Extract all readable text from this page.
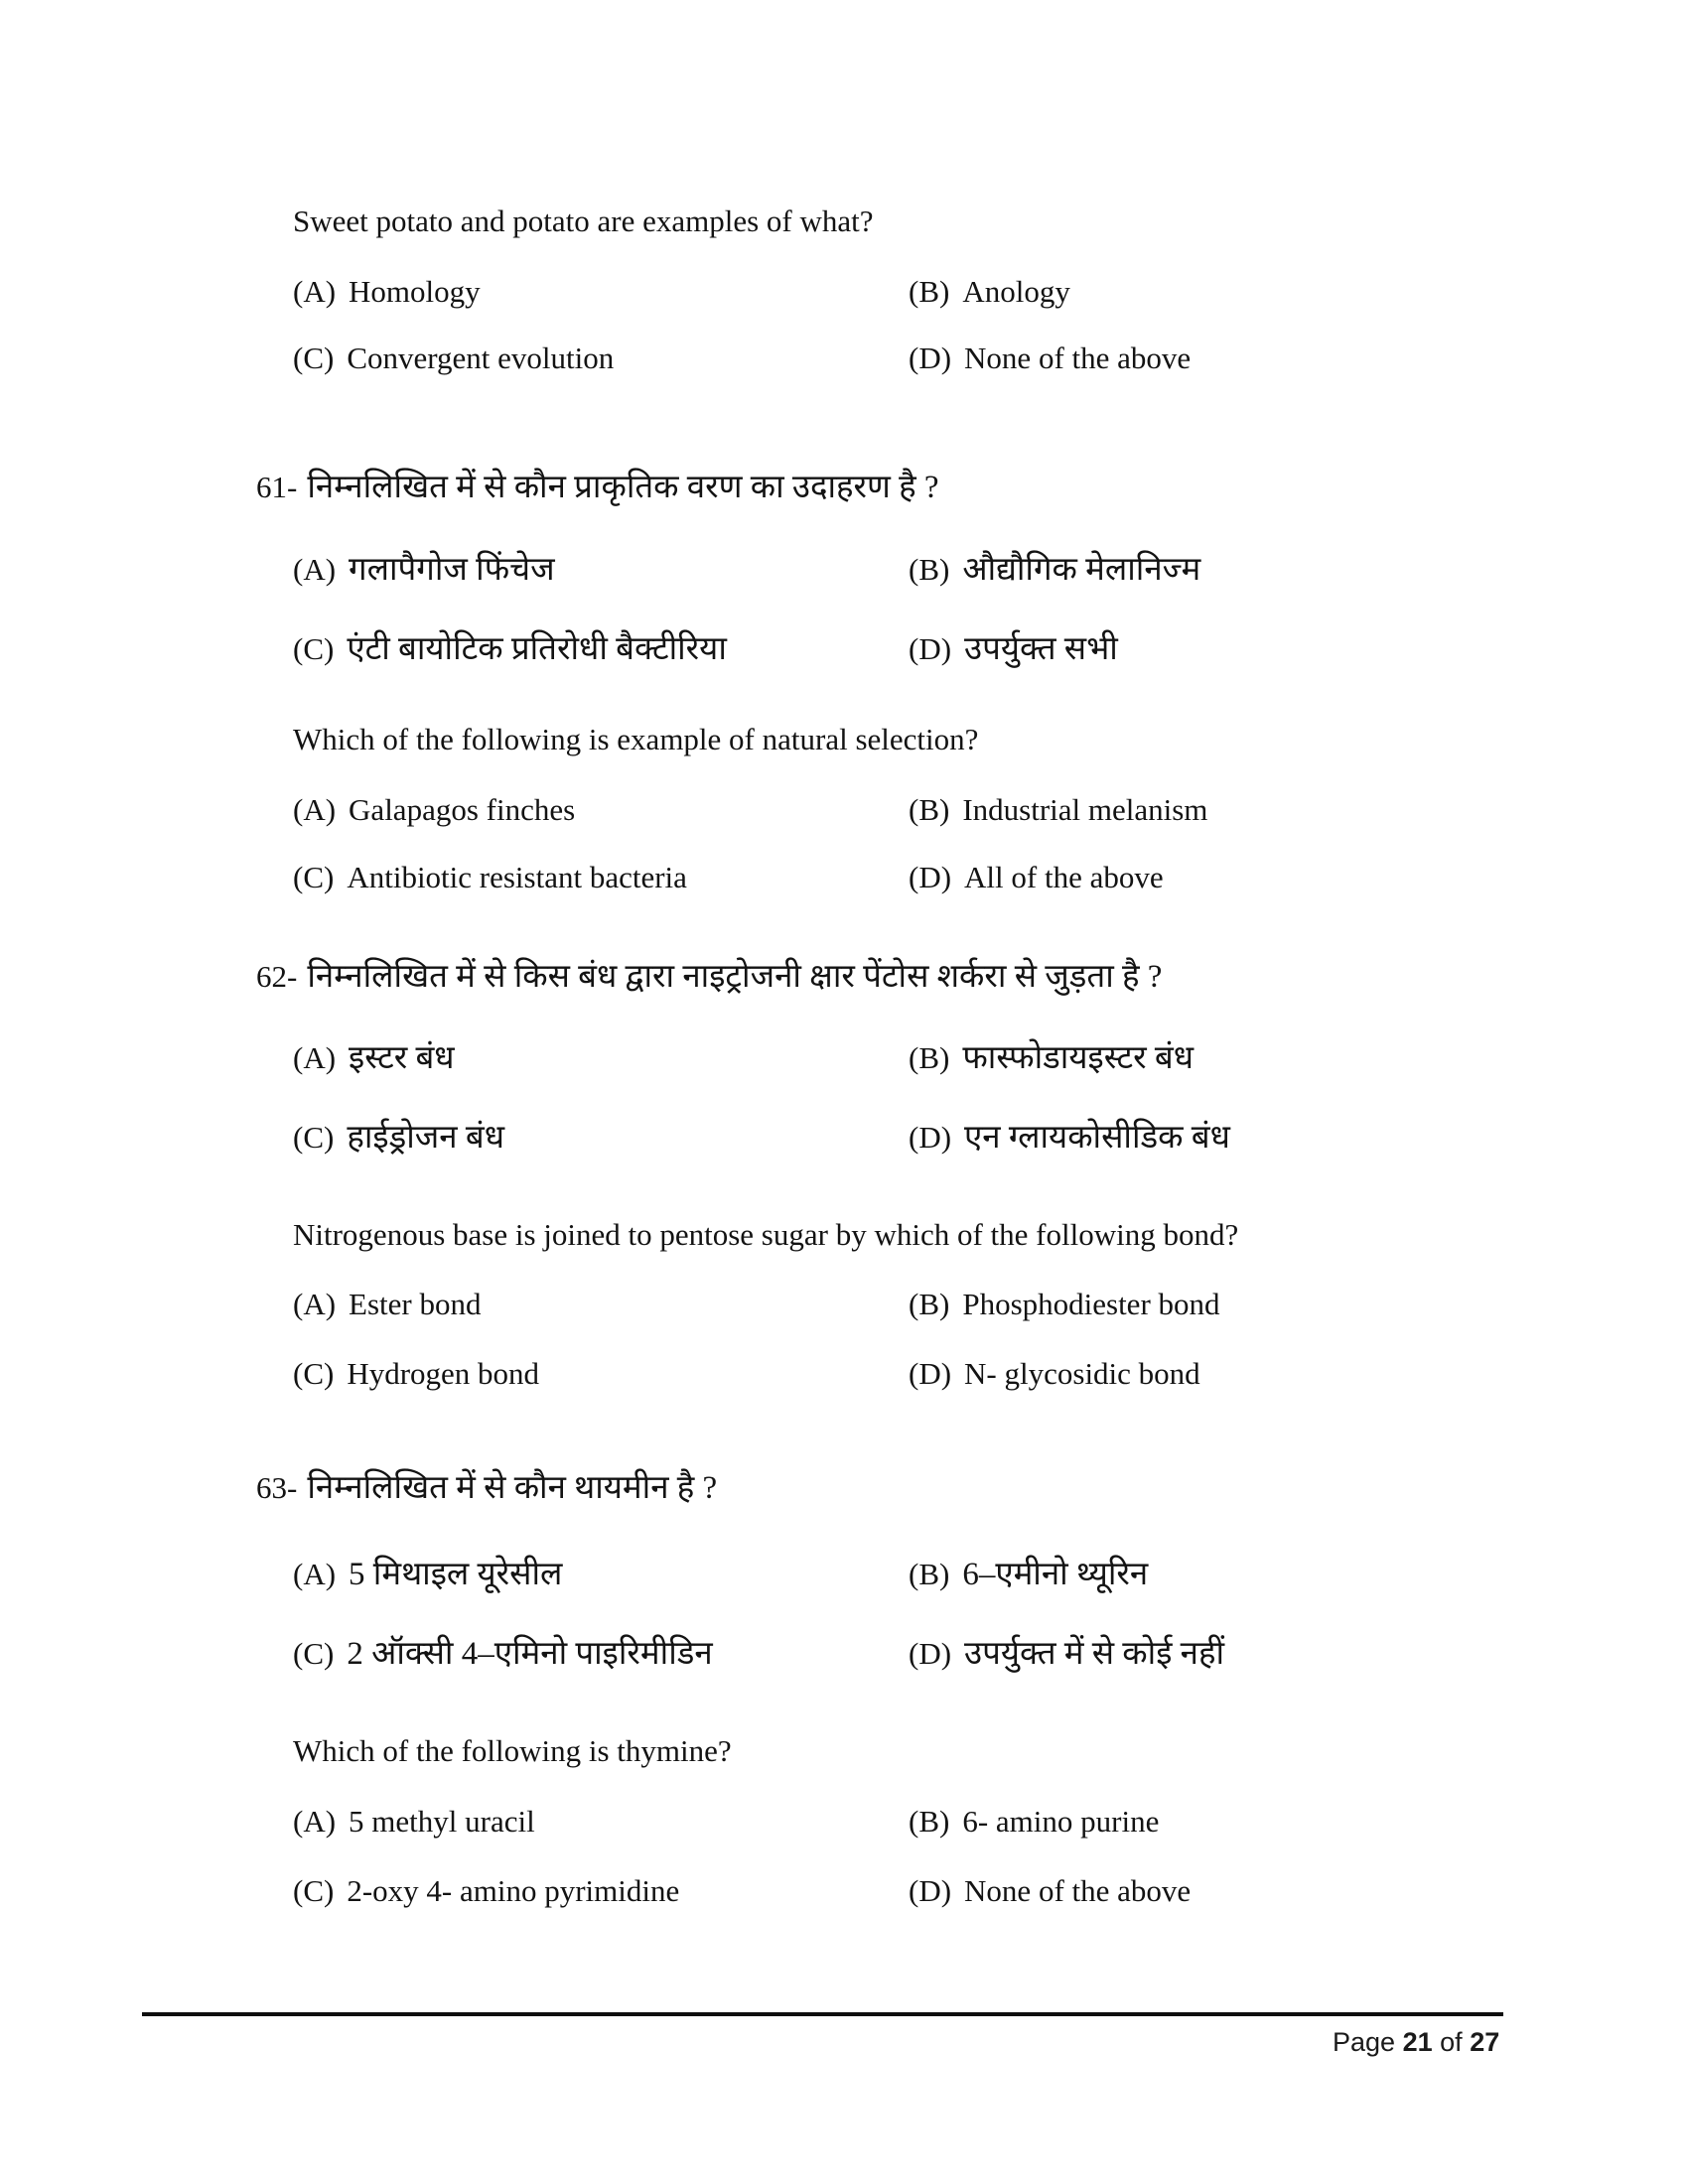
Sweet potato and potato are examples of what?
(A) Homology	(B) Anology
(C) Convergent evolution	(D) None of the above
61- निम्नलिखित में से कौन प्राकृतिक वरण का उदाहरण है ?
(A) गलापैगोज फिंचेज	(B) औद्यौगिक मेलानिज्म
(C) एंटी बायोटिक प्रतिरोधी बैक्टीरिया	(D) उपर्युक्त सभी
Which of the following is example of natural selection?
(A) Galapagos finches	(B) Industrial melanism
(C) Antibiotic resistant bacteria	(D) All of the above
62- निम्नलिखित में से किस बंध द्वारा नाइट्रोजनी क्षार पेंटोस शर्करा से जुड़ता है ?
(A) इस्टर बंध	(B) फास्फोडायइस्टर बंध
(C) हाईड्रोजन बंध	(D) एन ग्लायकोसीडिक बंध
Nitrogenous base is joined to pentose sugar by which of the following bond?
(A) Ester bond	(B) Phosphodiester bond
(C) Hydrogen bond	(D) N- glycosidic bond
63- निम्नलिखित में से कौन थायमीन है ?
(A) 5 मिथाइल यूरेसील	(B) 6–एमीनो थ्यूरिन
(C) 2 ऑक्सी 4–एमिनो पाइरिमीडिन	(D) उपर्युक्त में से कोई नहीं
Which of the following is thymine?
(A) 5 methyl uracil	(B) 6- amino purine
(C) 2-oxy 4- amino pyrimidine	(D) None of the above
Page 21 of 27
